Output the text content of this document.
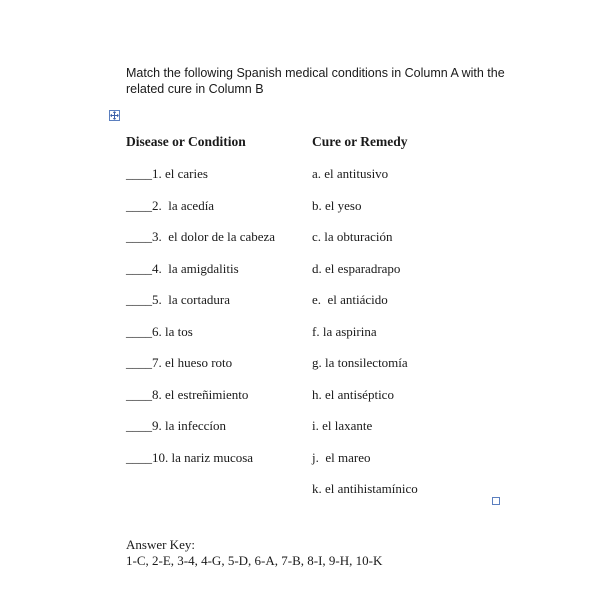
Match the following Spanish medical conditions in Column A with the related cure in Column B
Disease or Condition	Cure or Remedy
____1. el caries
____2.  la acedía
____3.  el dolor de la cabeza
____4.  la amigdalitis
____5.  la cortadura
____6. la tos
____7. el hueso roto
____8. el estreñimiento
____9. la infeccíon
____10. la nariz mucosa
a. el antitusivo
b. el yeso
c. la obturación
d. el esparadrapo
e.  el antiácido
f. la aspirina
g. la tonsilectomía
h. el antiséptico
i. el laxante
j.  el mareo
k. el antihistamínico
Answer Key:
1-C, 2-E, 3-4, 4-G, 5-D, 6-A, 7-B, 8-I, 9-H, 10-K
